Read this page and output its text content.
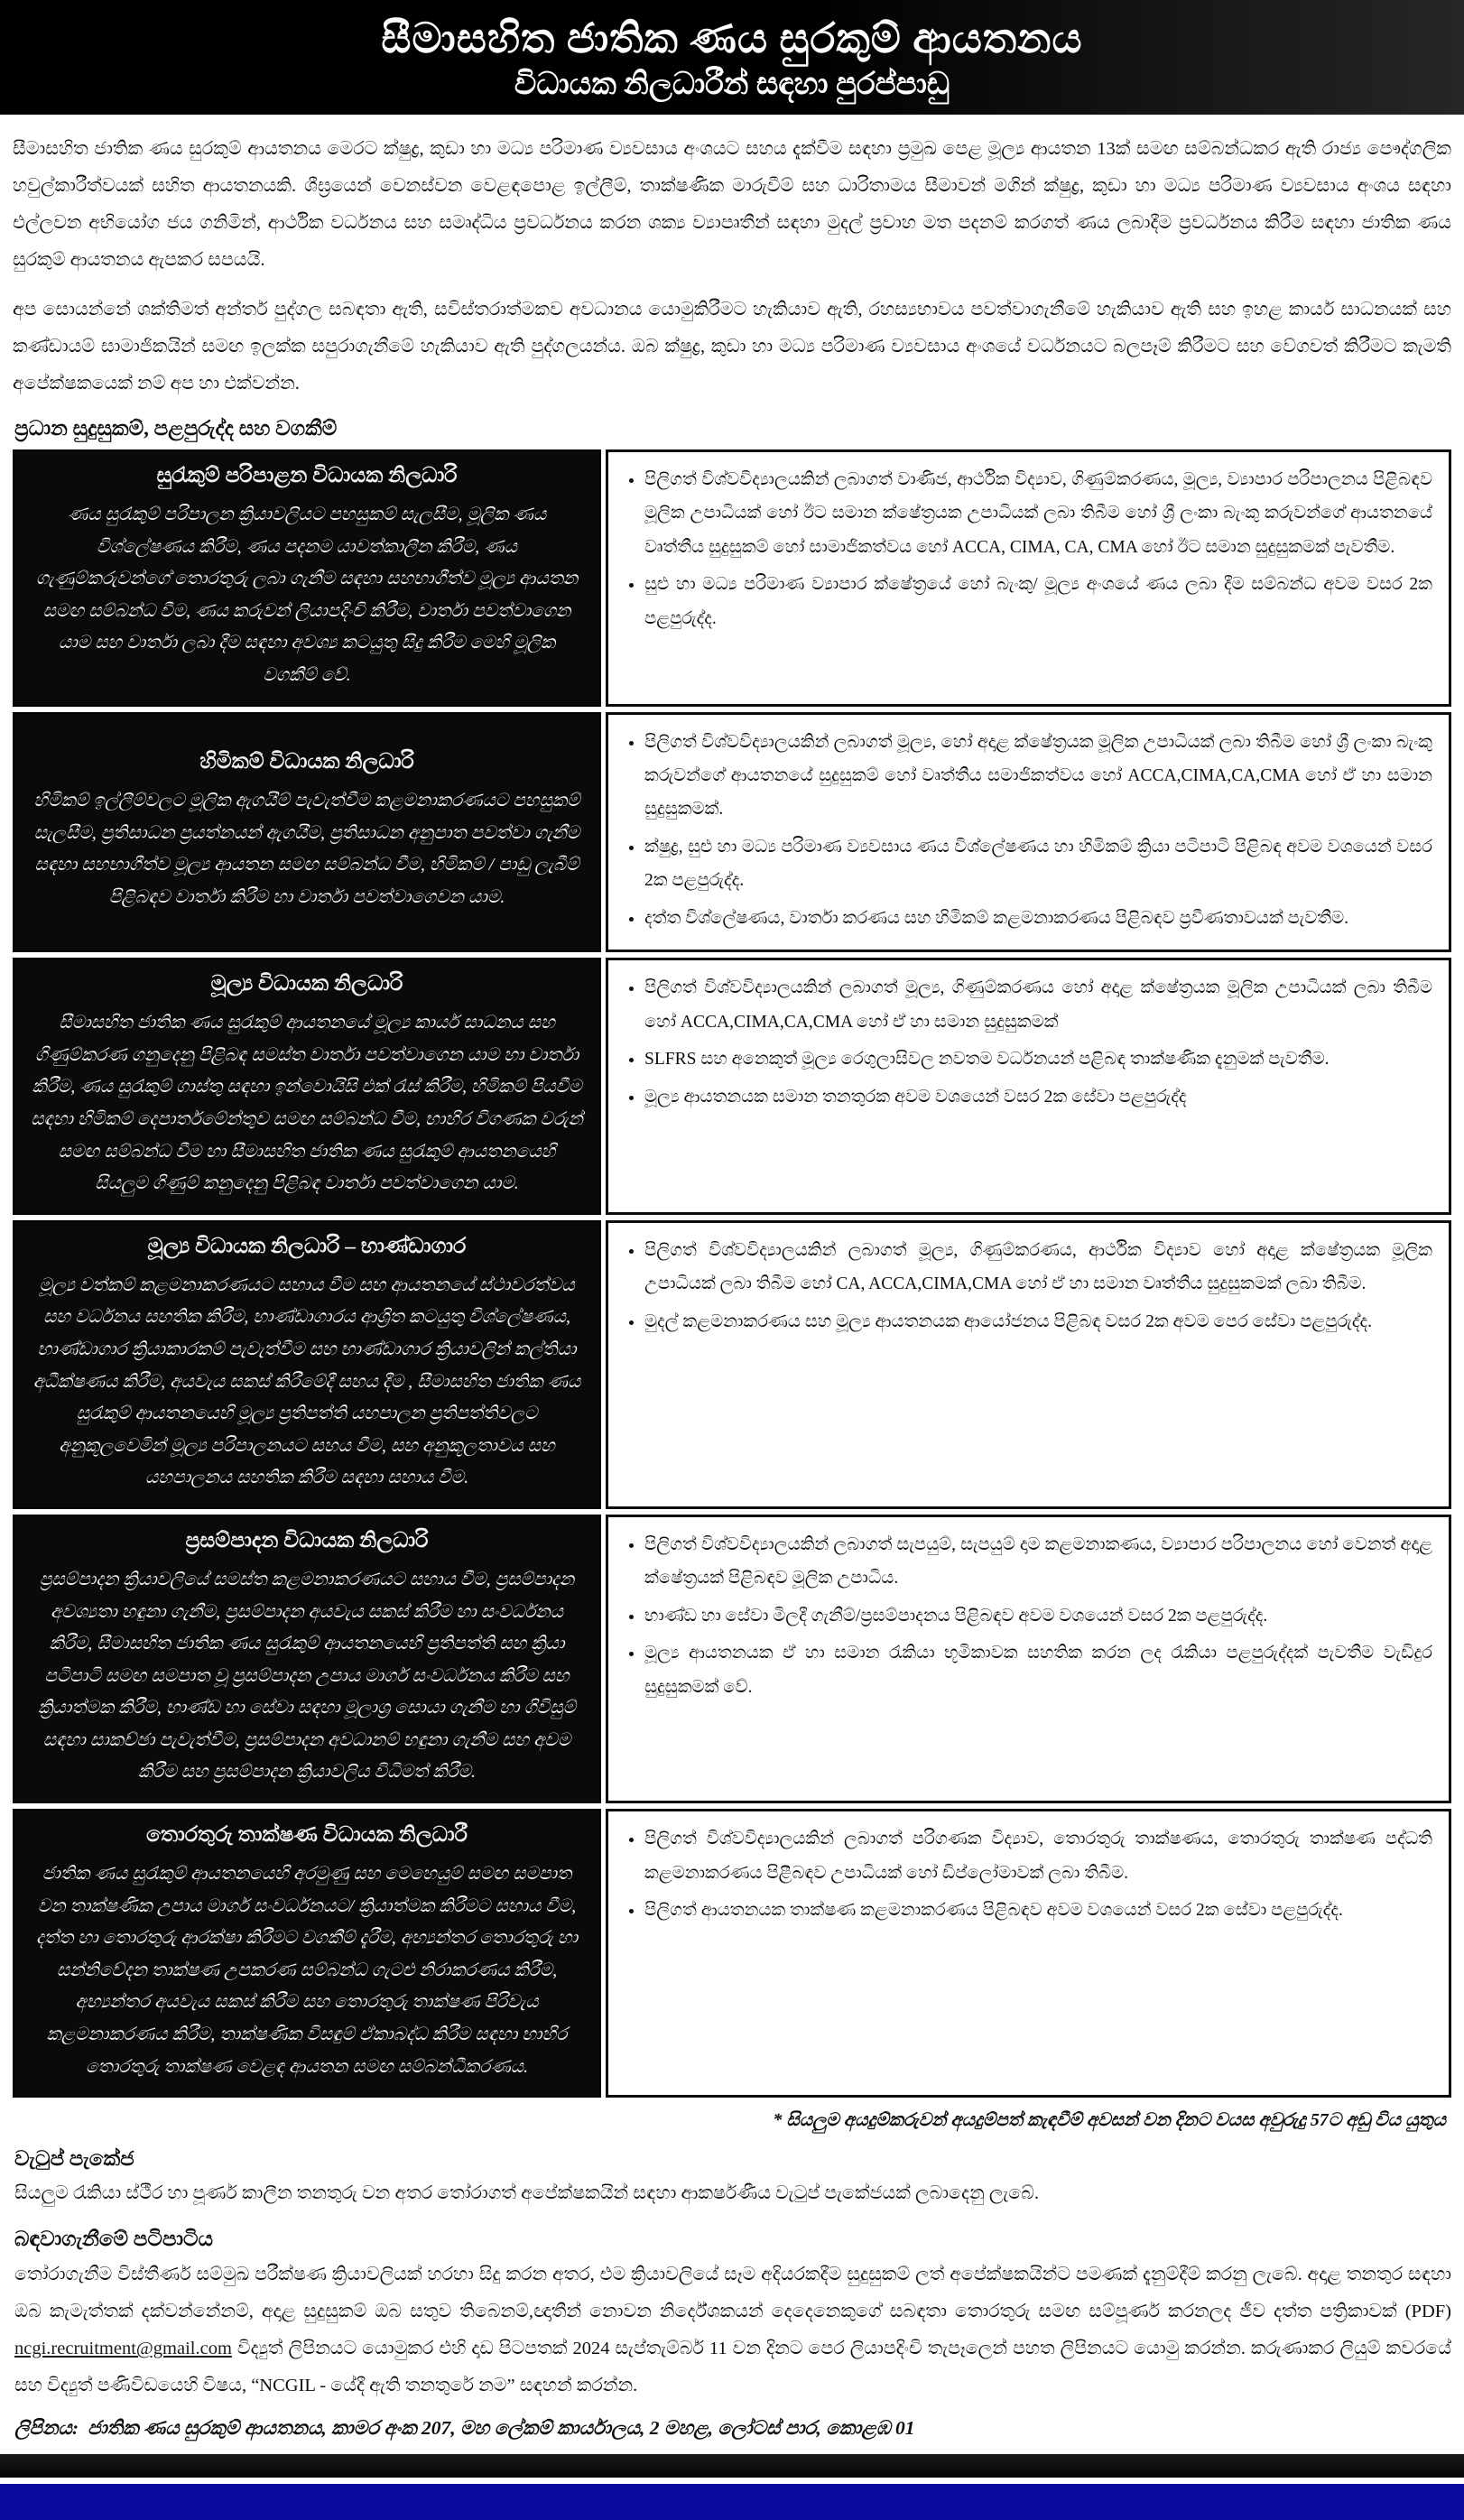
සීමාසහිත ජාතික ණය සුරකුම් ආයතනය
විධායක නිලධාරීන් සඳහා පුරප්පාඩු

සීමාසහිත ජාතික ණය සුරකුම් ආයතනය මෙරට ක්ෂුද්‍ර, කුඩා හා මධ්‍ය පරිමාණ ව්‍යවසාය අංශයට සහය දැක්වීම සඳහා ප්‍රමුඛ පෙළ මූල්‍ය ආයතන 13ක් සමඟ සම්බන්ධකර ඇති රාජ්‍ය පෞද්ගලික හවුල්කාරීත්වයක් සහිත ආයතනයකි. ශීඝ්‍රයෙන් වෙනස්වන වෙළඳපොළ ඉල්ලීම්, තාක්ෂණික මාරුවීම් සහ ධාරිතාමය සීමාවන් මගින් ක්ෂුද්‍ර, කුඩා හා මධ්‍ය පරිමාණ ව්‍යවසාය අංශය සඳහා එල්ලවන අභියෝග ජය ගනිමින්, ආර්ථික වර්ධනය සහ සමෘද්ධිය ප්‍රවර්ධනය කරන ශක්‍ය ව්‍යාපෘතීන් සඳහා මුදල් ප්‍රවාහ මත පදනම් කරගත් ණය ලබාදීම ප්‍රවර්ධනය කිරීම සඳහා ජාතික ණය සුරකුම් ආයතනය ඇපකර සපයයි.

අප සොයන්නේ ශක්තිමත් අන්තර් පුද්ගල සබඳතා ඇති, සවිස්තරාත්මකව අවධානය යොමුකිරීමට හැකියාව ඇති, රහස්‍යභාවය පවත්වාගැනීමේ හැකියාව ඇති සහ ඉහළ කාර්ය සාධනයක් සහ කණ්ඩායම් සාමාජිකයින් සමඟ ඉලක්ක සපුරාගැනීමේ හැකියාව ඇති පුද්ගලයන්ය. ඔබ ක්ෂුද්‍ර, කුඩා හා මධ්‍ය පරිමාණ ව්‍යවසාය අංශයේ වර්ධනයට බලපෑම් කිරීමට සහ වේගවත් කිරීමට කැමති අපේක්ෂකයෙක් නම් අප හා එක්වන්න.

ප්‍රධාන සුදුසුකම්, පළපුරුද්ද සහ වගකීම්
සුරැකුම් පරිපාළන විධායක නිලධාරි
ණය සුරැකුම් පරිපාලන ක්‍රියාවලියට පහසුකම් සැලසීම, මූලික ණය විශ්ලේෂණය කිරීම, ණය පදනම යාවත්කාලීන කිරීම, ණය ගැණුම්කරුවන්ගේ තොරතුරු ලබා ගැනීම සඳහා සහභාගීත්ව මූල්‍ය ආයතන සමඟ සම්බන්ධ වීම, ණය කරුවන් ලියාපදිංචි කිරීම, වාර්තා පවත්වාගෙන යාම සහ වාර්තා ලබා දීම සඳහා අවශ්‍ය කටයුතු සිදු කිරීම මෙහි මූලික වගකීම් වේ.
• පිලිගත් විශ්වවිද්‍යාලයකින් ලබාගත් වාණිජ, ආර්ථික විද්‍යාව, ගිණුම්කරණය, මූල්‍ය, ව්‍යාපාර පරිපාලනය පිළිබඳව මූලික උපාධියක් හෝ ඊට සමාන ක්ෂේත්‍රයක උපාධියක් ලබා තිබීම හෝ ශ්‍රී ලංකා බැංකු කරුවන්ගේ ආයතනයේ වෘත්තීය සුදුසුකම් හෝ සාමාජිකත්වය හෝ ACCA, CIMA, CA, CMA හෝ ඊට සමාන සුදුසුකමක් පැවතීම.
• සුළු හා මධ්‍ය පරිමාණ ව්‍යාපාර ක්ෂේත්‍රයේ හෝ බැංකු/ මූල්‍ය අංශයේ ණය ලබා දීම සම්බන්ධ අවම වසර 2ක පළපුරුද්ද.
හිමිකම් විධායක නිලධාරි
හිමිකම් ඉල්ලීම්වලට මූලික ඇගයීම් පැවැත්වීම කළමනාකරණයට පහසුකම් සැලසීම, ප්‍රතිසාධන ප්‍රයත්නයන් ඇගයීම, ප්‍රතිසාධන අනුපාත පවත්වා ගැනීම සඳහා සහභාගීත්ව මූල්‍ය ආයතන සමඟ සම්බන්ධ වීම, හිමිකම් / පාඩු ලැබීම් පිළිබඳව වාර්තා කිරීම හා වාර්තා පවත්වාගෙවන යාම.
• පිලිගත් විශ්වවිද්‍යාලයකින් ලබාගත් මූල්‍ය, හෝ අදාළ ක්ෂේත්‍රයක මූලික උපාධියක් ලබා තිබීම හෝ ශ්‍රී ලංකා බැංකු කරුවන්ගේ ආයතනයේ සුදුසුකම් හෝ වෘත්තීය සමාජිකත්වය හෝ ACCA,CIMA,CA,CMA හෝ ඒ හා සමාන සුදුසුකමක්.
• ක්ෂුද්‍ර, සුළු හා මධ්‍ය පරිමාණ ව්‍යවසාය ණය විශ්ලේෂණය හා හිමිකම් ක්‍රියා පටිපාටි පිළිබඳ අවම වශයෙන් වසර 2ක පළපුරුද්ද.
• දත්ත විශ්ලේෂණය, වාර්තා කරණය සහ හිමිකම් කළමනාකරණය පිළිබඳව ප්‍රවීණතාවයක් පැවතීම.
මූල්‍ය විධායක නිලධාරි
සීමාසහිත ජාතික ණය සුරැකුම් ආයතනයේ මූල්‍ය කාර්ය සාධනය සහ ගිණුම්කරණ ගනුදෙනු පිළිබඳ සමස්ත වාර්තා පවත්වාගෙන යාම හා වාර්තා කිරීම, ණය සුරැකුම් ගාස්තු සඳහා ඉන්වොයිසි එක් රැස් කිරීම, හිමිකම් පියවීම සඳහා හිමිකම් දෙපාර්තමේන්තුව සමඟ සම්බන්ධ වීම, භාහිර විගණක වරුන් සමඟ සම්බන්ධ වීම හා සීමාසහිත ජාතික ණය සුරැකුම් ආයතනයෙහි සියලුම ගිණුම් කනුදෙනු පිළිබඳ වාර්තා පවත්වාගෙන යාම.
• පිලිගත් විශ්වවිද්‍යාලයකින් ලබාගත් මූල්‍ය, ගිණුම්කරණය හෝ අදාළ ක්ෂේත්‍රයක මූලික උපාධියක් ලබා තිබීම හෝ ACCA,CIMA,CA,CMA හෝ ඒ හා සමාන සුදුසුකමක්
• SLFRS සහ අනෙකුත් මූල්‍ය රෙගුලාසිවල නවතම වර්ධනයන් පළිබඳ තාක්ෂණික දැනුමක් පැවතීම.
• මූල්‍ය ආයතනයක සමාන තනතුරක අවම වශයෙන් වසර 2ක සේවා පළපුරුද්ද
මූල්‍ය විධායක නිලධාරි – භාණ්ඩාගාර
මූල්‍ය වත්කම් කළමනාකරණයට සහාය වීම සහ ආයතනයේ ස්ථාවරත්වය සහ වර්ධනය සහතික කිරීම, භාණ්ඩාගාරය ආශ්‍රිත කටයුතු විශ්ලේෂණය, භාණ්ඩාගාර ක්‍රියාකාරකම් පැවැත්වීම සහ භාණ්ඩාගාර ක්‍රියාවලින් කල්තියා අධීක්ෂණය කිරීම, අයවැය සකස් කිරීමේදී සහය දීම , සීමාසහිත ජාතික ණය සුරැකුම් ආයතනයෙහි මූල්‍ය ප්‍රතිපත්ති යහපාලන ප්‍රතිපත්තිවලට අනුකූලවෙමින් මූල්‍ය පරිපාලනයට සහය වීම, සහ අනුකූලතාවය සහ යහපාලනය සහතික කිරීම සඳහා සහාය වීම.
• පිලිගත් විශ්වවිද්‍යාලයකින් ලබාගත් මූල්‍ය, ගිණුම්කරණය, ආර්ථික විද්‍යාව හෝ අදාළ ක්ෂේත්‍රයක මූලික උපාධියක් ලබා තිබීම හෝ CA, ACCA,CIMA,CMA හෝ ඒ හා සමාන වෘත්තීය සුදුසුකමක් ලබා තිබීම.
• මුදල් කළමනාකරණය සහ මූල්‍ය ආයතනයක ආයෝජනය පිළිබඳ වසර 2ක අවම පෙර සේවා පළපුරුද්ද.
ප්‍රසම්පාදන විධායක නිලධාරි
ප්‍රසම්පාදන ක්‍රියාවලියේ සමස්ත කළමනාකරණයට සහාය වීම, ප්‍රසම්පාදන අවශ්‍යතා හඳුනා ගැනීම, ප්‍රසම්පාදන අයවැය සකස් කිරීම හා සංවර්ධනය කිරීම, සීමාසහිත ජාතික ණය සුරැකුම් ආයතනයෙහි ප්‍රතිපත්ති සහ ක්‍රියා පටිපාටි සමඟ සමපාත වූ ප්‍රසම්පාදන උපාය මාර්ග සංවර්ධනය කිරීම සහ ක්‍රියාත්මක කිරීම, භාණ්ඩ හා සේවා සඳහා මූලාශ්‍ර සොයා ගැනීම හා ගිවිසුම් සඳහා සාකච්ඡා පැවැත්වීම, ප්‍රසම්පාදන අවධානම් හඳුනා ගැනීම සහ අවම කිරීම සහ ප්‍රසම්පාදන ක්‍රියාවලිය විධිමත් කිරීම.
• පිලිගත් විශ්වවිද්‍යාලයකින් ලබාගත් සැපයුම්, සැපයුම් දාම කළමනාකණය, ව්‍යාපාර පරිපාලනය හෝ වෙනත් අදාළ ක්ෂේත්‍රයක් පිළිබඳව මූලික උපාධිය.
• භාණ්ඩ හා සේවා මිලදී ගැනීම්/ප්‍රසම්පාදනය පිළිබඳව අවම වශයෙන් වසර 2ක පළපුරුද්ද.
• මූල්‍ය ආයතනයක ඒ හා සමාන රැකියා භූමිකාවක සහතික කරන ලද රැකියා පළපුරුද්දක් පැවතීම වැඩිදුර සුදුසුකමක් වේ.
තොරතුරු තාක්ෂණ විධායක නිලධාරී
ජාතික ණය සුරැකුම් ආයතනයෙහි අරමුණු සහ මෙහෙයුම් සමඟ සමපාත වන තාක්ෂණික උපාය මාර්ග සංවර්ධනයට/ ක්‍රියාත්මක කිරීමට සහාය වීම, දත්ත හා තොරතුරු ආරක්ෂා කිරීමට වගකීම් දැරීම, අභ්‍යන්තර තොරතුරු හා සන්නිවේදන තාක්ෂණ උපකරණ සම්බන්ධ ගැටළු නිරාකරණය කිරීම, අභ්‍යන්තර අයවැය සකස් කිරීම සහ තොරතුරු තාක්ෂණ පිරිවැය කළමනාකරණය කිරීම, තාක්ෂණික විසඳුම් ඒකාබද්ධ කිරීම සඳහා භාහිර තොරතුරු තාක්ෂණ වෙළඳ ආයතන සමඟ සම්බන්ධීකරණය.
• පිලිගත් විශ්වවිද්‍යාලයකින් ලබාගත් පරිගණක විද්‍යාව, තොරතුරු තාක්ෂණය, තොරතුරු තාක්ෂණ පද්ධති කළමනාකරණය පිළීබඳව උපාධියක් හෝ ඩිප්ලෝමාවක් ලබා තිබීම.
• පිලිගත් ආයතනයක තාක්ෂණ කළමනාකරණය පිළිබඳව අවම වශයෙන් වසර 2ක සේවා පළපුරුද්ද.
* සියලුම අයදුම්කරුවන් අයදුම්පත් කැඳවීම් අවසන් වන දිනට වයස අවුරුදු 57ට අඩු විය යුතුය
වැටුප් පැකේජ

සියලුම රැකියා ස්ථීර හා පූර්ණ කාලීන තනතුරු වන අතර තෝරාගත් අපේක්ෂකයින් සඳහා ආකර්ෂණීය වැටුප් පැකේජයක් ලබාදෙනු ලැබේ.

බඳවාගැනීමේ පටිපාටිය

තෝරාගැනීම විස්තීර්ණ සම්මුඛ පරීක්ෂණ ක්‍රියාවලියක් හරහා සිදු කරන අතර, එම ක්‍රියාවලියේ සෑම අදියරකදීම සුදුසුකම් ලත් අපේක්ෂකයින්ට පමණක් දැනුම්දීම් කරනු ලැබේ. අදාළ තනතුර සඳහා ඔබ කැමැත්තක් දක්වන්නේනම්, අදාළ සුදුසුකම් ඔබ සතුව තිබෙනම්,ඥාතීන් නොවන නිර්දේශකයන් දෙදෙනෙකුගේ සබඳතා තොරතුරු සමඟ සම්පූර්ණ කරනලද ජීව දත්ත පත්‍රිකාවක් (PDF) ncgi.recruitment@gmail.com විද්‍යුත් ලිපිනයට යොමුකර එහි දෘඩ පිටපතක් 2024 සැප්තැම්බර් 11 වන දිනට පෙර ලියාපදිංචි තැපෑලෙන් පහත ලිපිනයට යොමු කරන්න. කරුණාකර ලියුම් කවරයේ සහ විද්‍යුත් පණිවිඩයෙහි විෂය, “NCGIL - යේදී ඇති තනතුරේ නම” සඳහන් කරන්න.

ලිපිනය: ජාතික ණය සුරකුම් ආයතනය, කාමර අංක 207, මහ ලේකම් කාර්යාලය, 2 මහළ, ලෝටස් පාර, කොළඹ 01
